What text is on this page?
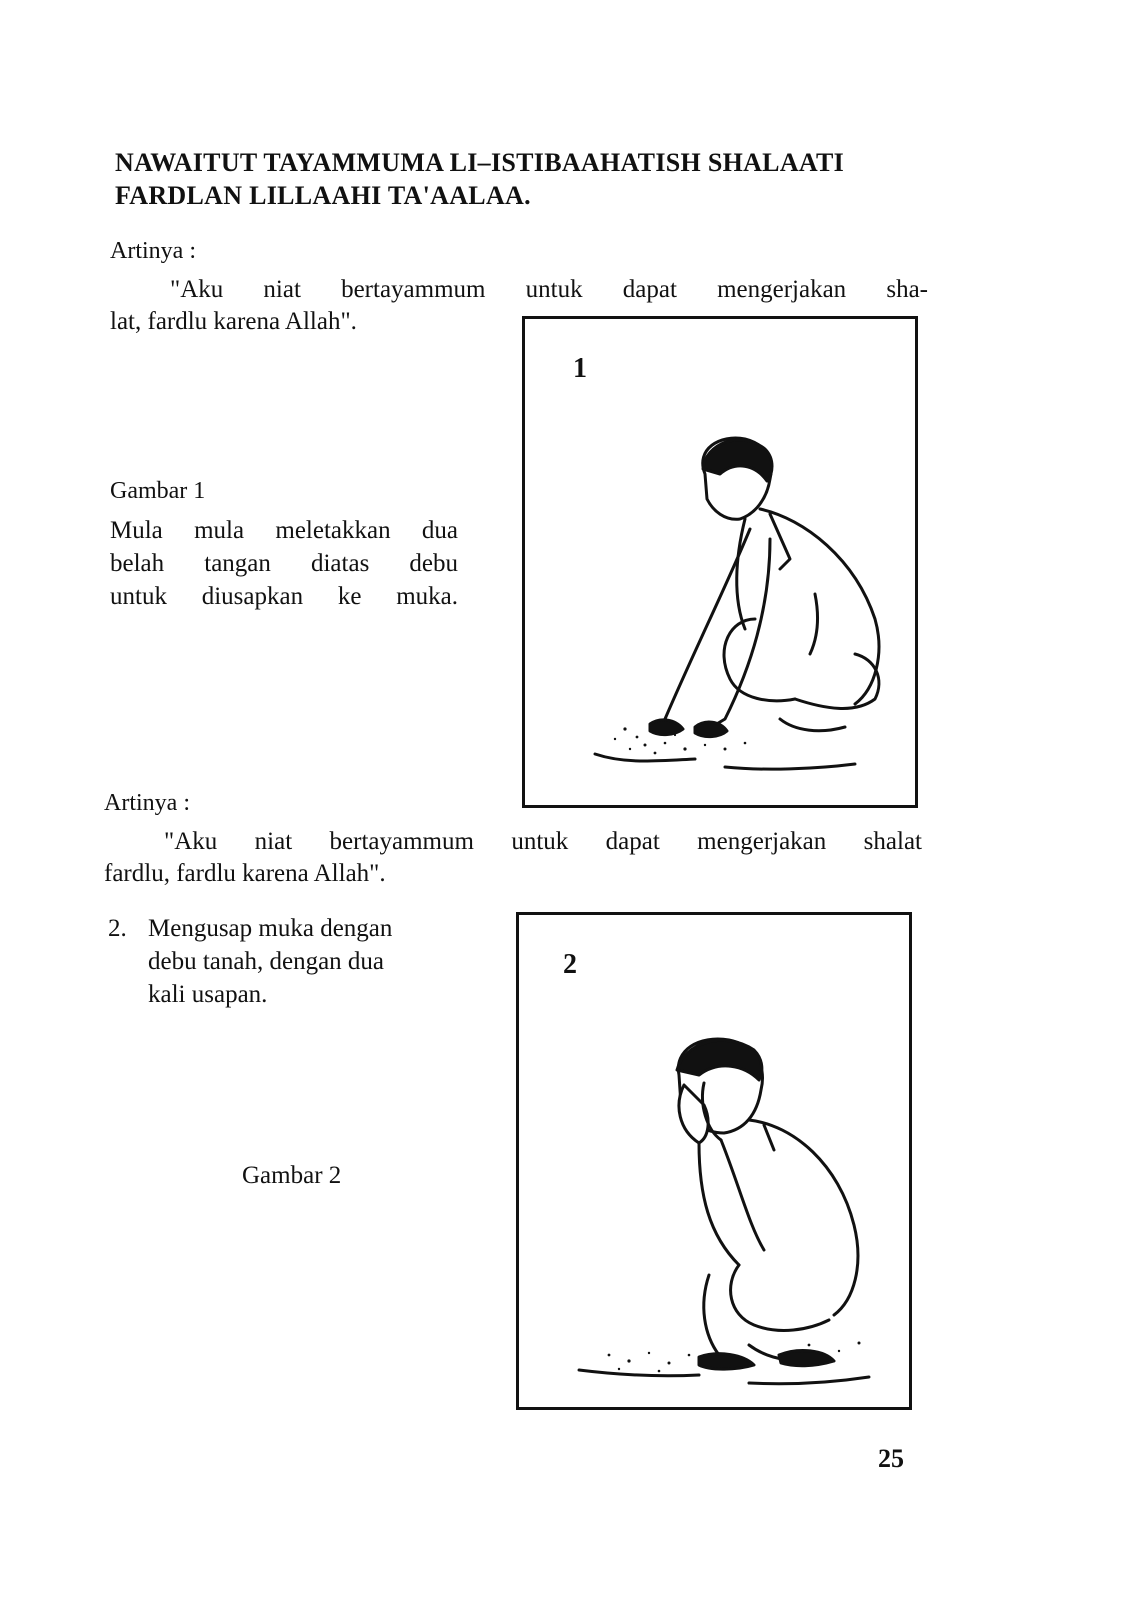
NAWAITUT TAYAMMUMA LI–ISTIBAAHATISH SHALAATI
FARDLAN LILLAAHI TA'AALAA.

Artinya :

"Aku niat bertayammum untuk dapat mengerjakan sha-

lat, fardlu karena Allah".

1

Gambar 1

Mula mula meletakkan dua
belah tangan diatas debu
untuk diusapkan ke muka.

Artinya :

"Aku niat bertayammum untuk dapat mengerjakan shalat

fardlu, fardlu karena Allah".

2. Mengusap muka dengan
debu tanah, dengan dua
kali usapan.

Gambar 2

2

25
